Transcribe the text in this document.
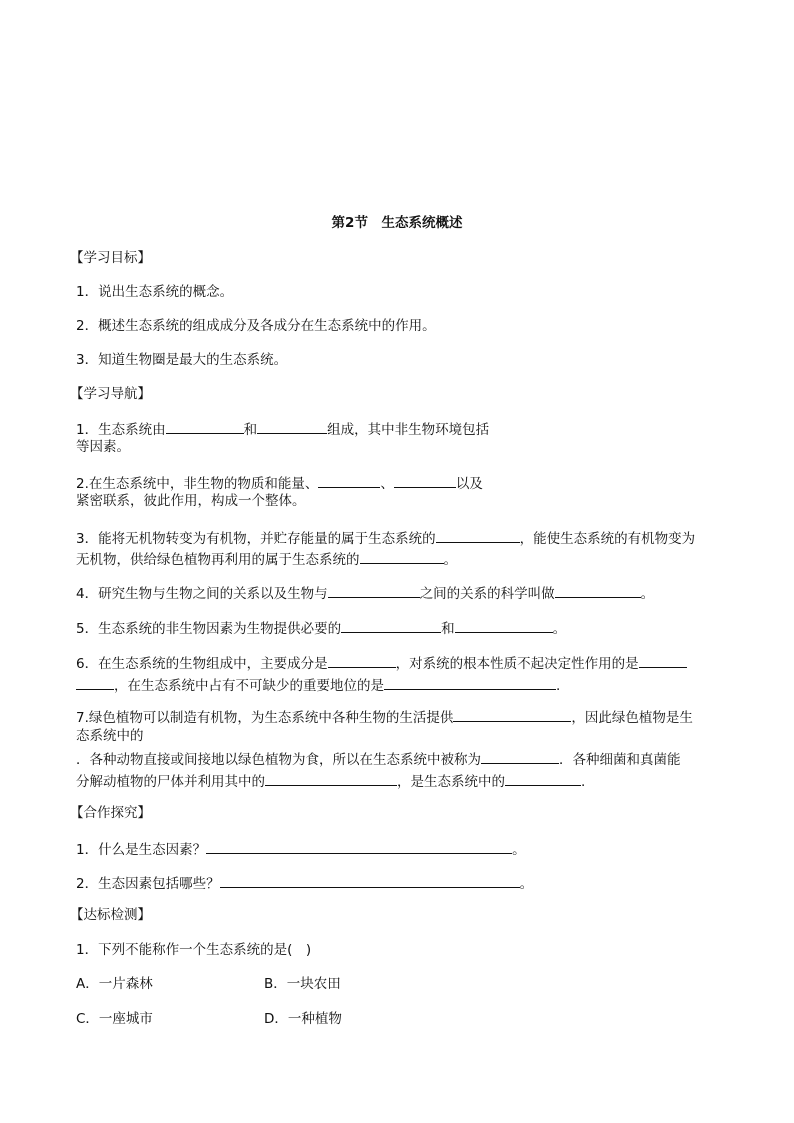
第2节　生态系统概述
【学习目标】
1．说出生态系统的概念。
2．概述生态系统的组成成分及各成分在生态系统中的作用。
3．知道生物圈是最大的生态系统。
【学习导航】
1．生态系统由	和	组成，其中非生物环境包括
等因素。
2.在生态系统中，非生物的物质和能量、	、	以及
紧密联系，彼此作用，构成一个整体。
3．能将无机物转变为有机物，并贮存能量的属于生态系统的	，能使生态系统的有机物变为
无机物，供给绿色植物再利用的属于生态系统的	。
4．研究生物与生物之间的关系以及生物与	之间的关系的科学叫做	。
5．生态系统的非生物因素为生物提供必要的	和	。
6．在生态系统的生物组成中，主要成分是	，对系统的根本性质不起决定性作用的是
，在生态系统中占有不可缺少的重要地位的是	.
7.绿色植物可以制造有机物，为生态系统中各种生物的生活提供	，因此绿色植物是生
态系统中的
．各种动物直接或间接地以绿色植物为食，所以在生态系统中被称为	．各种细菌和真菌能
分解动植物的尸体并利用其中的	，是生态系统中的	.
【合作探究】
1．什么是生态因素？	。
2．生态因素包括哪些？	。
【达标检测】
1．下列不能称作一个生态系统的是(　)
A．一片森林	B．一块农田
C．一座城市	D．一种植物
